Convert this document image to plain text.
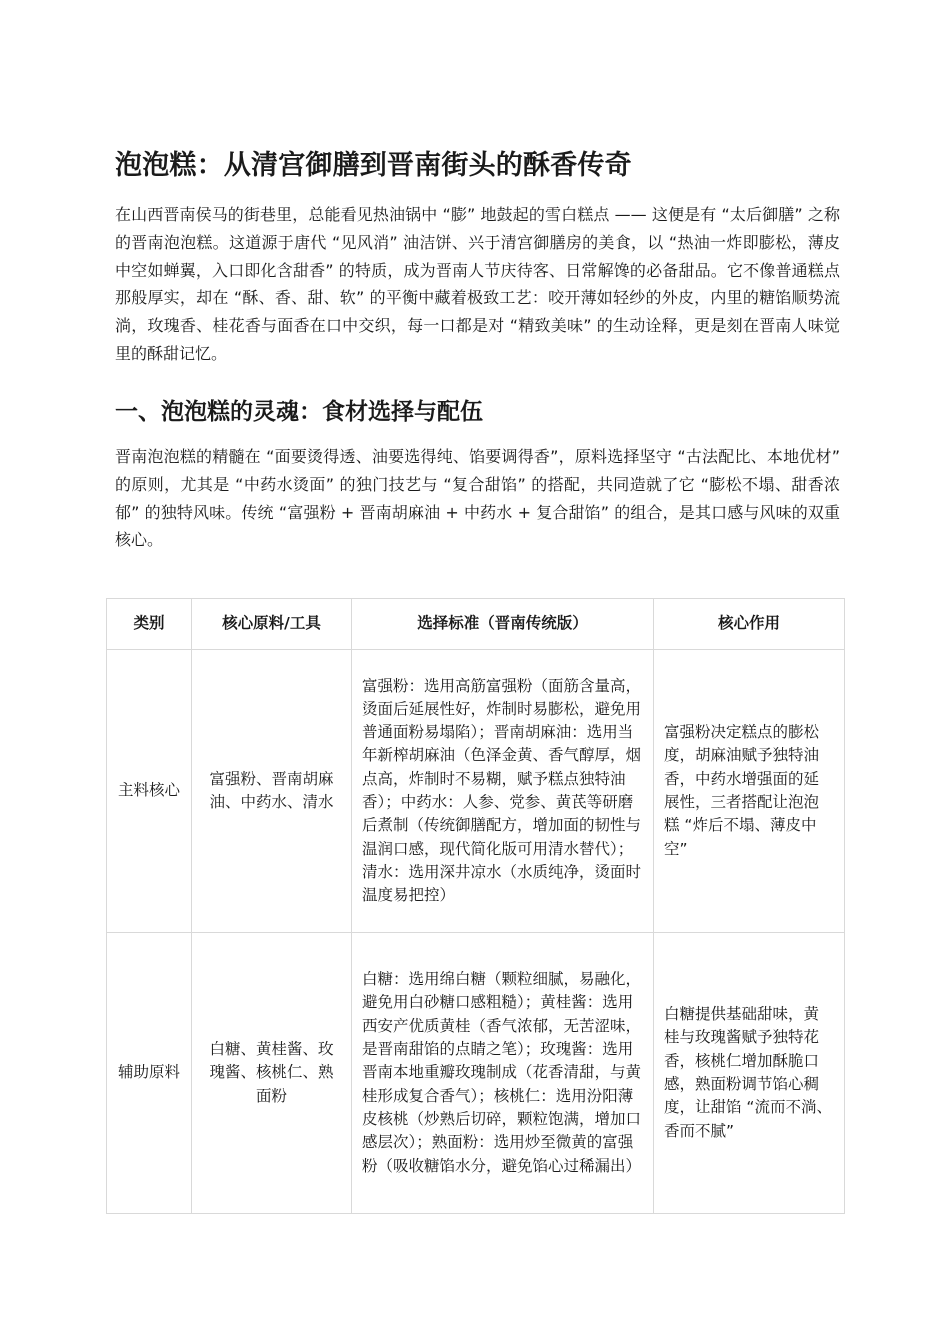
泡泡糕：从清宫御膳到晋南街头的酥香传奇

在山西晋南侯马的街巷里，总能看见热油锅中 “膨” 地鼓起的雪白糕点 —— 这便是有 “太后御膳” 之称的晋南泡泡糕。这道源于唐代 “见风消” 油洁饼、兴于清宫御膳房的美食，以 “热油一炸即膨松，薄皮中空如蝉翼，入口即化含甜香” 的特质，成为晋南人节庆待客、日常解馋的必备甜品。它不像普通糕点那般厚实，却在 “酥、香、甜、软” 的平衡中藏着极致工艺：咬开薄如轻纱的外皮，内里的糖馅顺势流淌，玫瑰香、桂花香与面香在口中交织，每一口都是对 “精致美味” 的生动诠释，更是刻在晋南人味觉里的酥甜记忆。

一、泡泡糕的灵魂：食材选择与配伍

晋南泡泡糕的精髓在 “面要烫得透、油要选得纯、馅要调得香”，原料选择坚守 “古法配比、本地优材” 的原则，尤其是 “中药水烫面” 的独门技艺与 “复合甜馅” 的搭配，共同造就了它 “膨松不塌、甜香浓郁” 的独特风味。传统 “富强粉 + 晋南胡麻油 + 中药水 + 复合甜馅” 的组合，是其口感与风味的双重核心。

类别	核心原料/工具	选择标准（晋南传统版）	核心作用
主料核心	富强粉、晋南胡麻油、中药水、清水	富强粉：选用高筋富强粉（面筋含量高，烫面后延展性好，炸制时易膨松，避免用普通面粉易塌陷）；晋南胡麻油：选用当年新榨胡麻油（色泽金黄、香气醇厚，烟点高，炸制时不易糊，赋予糕点独特油香）；中药水：人参、党参、黄芪等研磨后煮制（传统御膳配方，增加面的韧性与温润口感，现代简化版可用清水替代）；清水：选用深井凉水（水质纯净，烫面时温度易把控）	富强粉决定糕点的膨松度，胡麻油赋予独特油香，中药水增强面的延展性，三者搭配让泡泡糕 “炸后不塌、薄皮中空”
辅助原料	白糖、黄桂酱、玫瑰酱、核桃仁、熟面粉	白糖：选用绵白糖（颗粒细腻，易融化，避免用白砂糖口感粗糙）；黄桂酱：选用西安产优质黄桂（香气浓郁，无苦涩味，是晋南甜馅的点睛之笔）；玫瑰酱：选用晋南本地重瓣玫瑰制成（花香清甜，与黄桂形成复合香气）；核桃仁：选用汾阳薄皮核桃（炒熟后切碎，颗粒饱满，增加口感层次）；熟面粉：选用炒至微黄的富强粉（吸收糖馅水分，避免馅心过稀漏出）	白糖提供基础甜味，黄桂与玫瑰酱赋予独特花香，核桃仁增加酥脆口感，熟面粉调节馅心稠度，让甜馅 “流而不淌、香而不腻”
